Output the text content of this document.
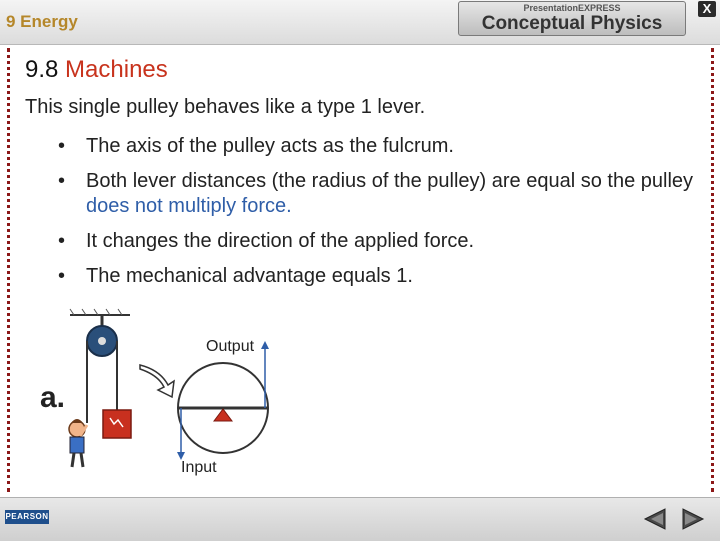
9 Energy
PresentationEXPRESS
Conceptual Physics
X
9.8 Machines
This single pulley behaves like a type 1 lever.
• The axis of the pulley acts as the fulcrum.
• Both lever distances (the radius of the pulley) are equal so the pulley does not multiply force.
• It changes the direction of the applied force.
• The mechanical advantage equals 1.
a.
Output
Input
PEARSON
